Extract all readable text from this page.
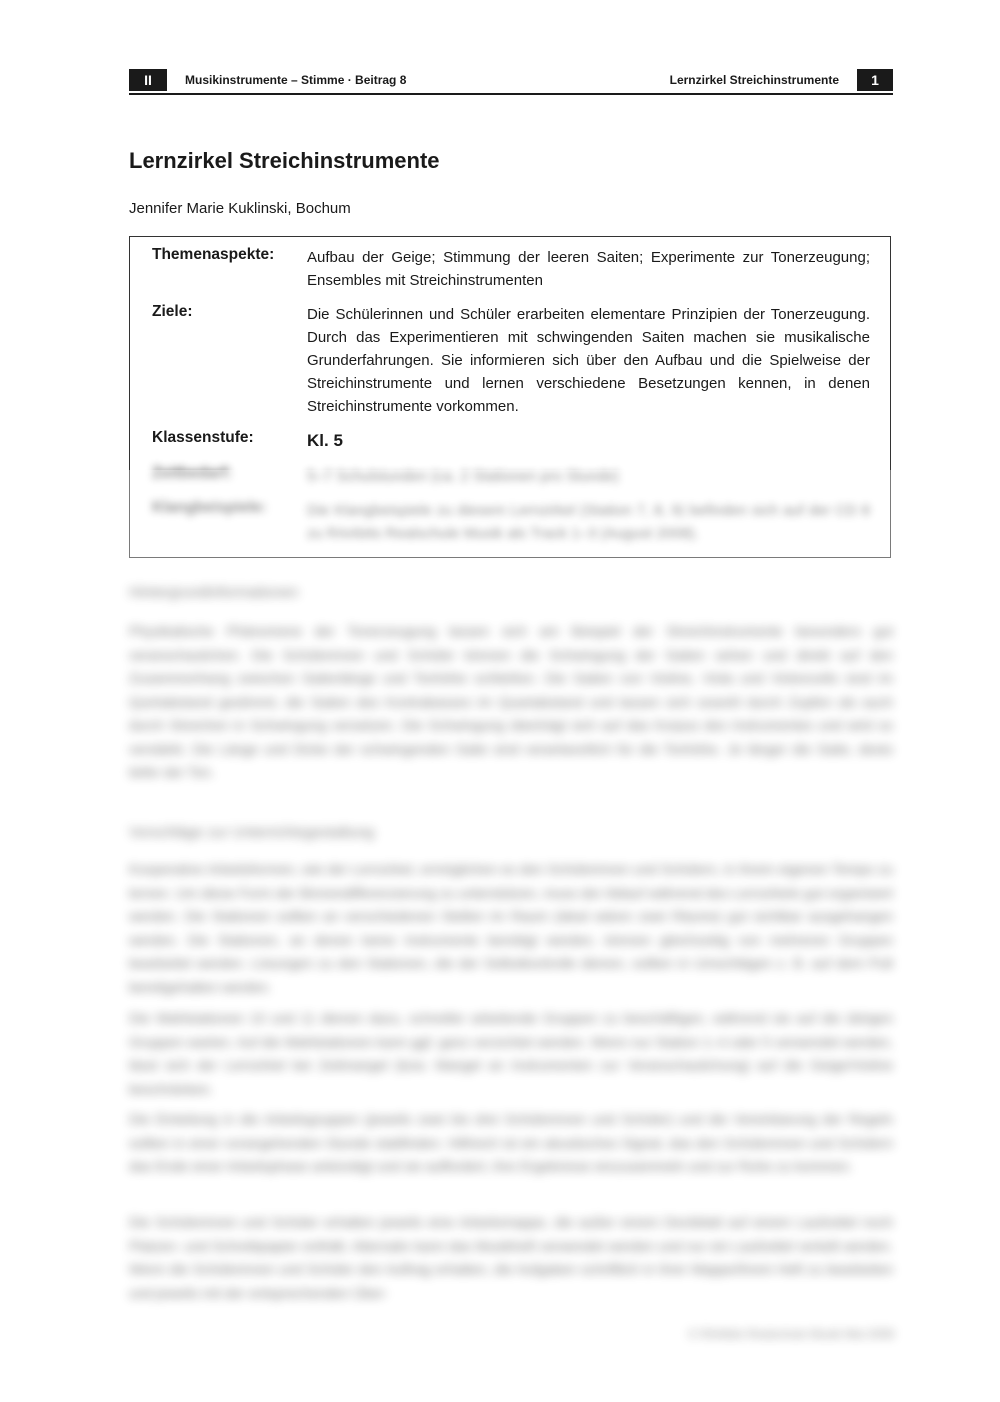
II	Musikinstrumente – Stimme · Beitrag 8	Lernzirkel Streichinstrumente	1
Lernzirkel Streichinstrumente
Jennifer Marie Kuklinski, Bochum
Themenaspekte:	Aufbau der Geige; Stimmung der leeren Saiten; Experimente zur Tonerzeugung; Ensembles mit Streichinstrumenten
Ziele:	Die Schülerinnen und Schüler erarbeiten elementare Prinzipien der Tonerzeugung. Durch das Experimentieren mit schwingenden Saiten machen sie musikalische Grunderfahrungen. Sie informieren sich über den Aufbau und die Spielweise der Streichinstrumente und lernen verschiedene Besetzungen kennen, in denen Streichinstrumente vorkommen.
Klassenstufe:	Kl. 5
Zeitbedarf:	5–7 Schulstunden (ca. 2 Stationen pro Stunde)
Klangbeispiele:	Die Klangbeispiele zu diesem Lernzirkel (Station 7, 8, 9) befinden sich auf der CD 8 zu RAAbits Realschule Musik als Track 1–3 (August 2008).
Hintergrundinformationen
Physikalische Phänomene der Tonerzeugung lassen sich am Beispiel der Streichinstrumente besonders gut veranschaulichen. Die Schülerinnen und Schüler können die Schwingung der Saiten sehen und direkt auf den Zusammenhang zwischen Saitenlänge und Tonhöhe schließen. Die Saiten von Violine, Viola und Violoncello sind im Quintabstand gestimmt, die Saiten des Kontrabasses im Quartabstand und lassen sich sowohl durch Zupfen als auch durch Streichen in Schwingung versetzen. Die Schwingung überträgt sich auf das Korpus des Instrumentes und wird so verstärkt. Die Länge und Dicke der schwingenden Saite sind verantwortlich für die Tonhöhe. Je länger die Saite, desto tiefer der Ton.
Vorschläge zur Unterrichtsgestaltung
Kooperative Arbeitsformen, wie der Lernzirkel, ermöglichen es den Schülerinnen und Schülern, in ihrem eigenen Tempo zu lernen. Um diese Form der Binnendifferenzierung zu unterstützen, muss der Ablauf während des Lernzirkels gut organisiert werden. Die Stationen sollten an verschiedenen Stellen im Raum (ideal wären zwei Räume) gut sichtbar ausgehangen werden. Die Stationen, an denen keine Instrumente benötigt werden, können gleichzeitig von mehreren Gruppen bearbeitet werden. Lösungen zu den Stationen, die der Selbstkontrolle dienen, sollten in Umschlägen z. B. auf dem Pult bereitgehalten werden.
Die Wahlstationen 10 und 11 dienen dazu, schneller arbeitende Gruppen zu beschäftigen, während sie auf die übrigen Gruppen warten. Auf die Wahlstationen kann ggf. ganz verzichtet werden. Wenn nur Station 1–4 oder 5 verwendet werden, lässt sich der Lernzirkel bei Zeitmangel (bzw. Mangel an Instrumenten zur Veranschaulichung) auf die Geige/Violine beschränken.
Die Einteilung in die Arbeitsgruppen (jeweils zwei bis drei Schülerinnen und Schüler) und die Vereinbarung der Regeln sollten in einer vorangehenden Stunde stattfinden. Hilfreich ist ein akustisches Signal, das den Schülerinnen und Schülern das Ende einer Arbeitsphase ankündigt und sie auffordert, ihre Ergebnisse einzusammeln und zur Ruhe zu kommen.
Die Schülerinnen und Schüler erhalten jeweils eine Arbeitsmappe, die außer einem Deckblatt auf einem Laufzettel noch Platzen- und Schreibpapier enthält. Alternativ kann das Musikheft verwendet werden und nur ein Laufzettel verteilt werden. Wenn die Schülerinnen und Schüler den Auftrag erhalten, die Aufgaben schriftlich in ihrer Mappe/ihrem Heft zu bearbeiten und jeweils mit der entsprechenden Über-
© RAAbits Realschule Musik Mai 2008
